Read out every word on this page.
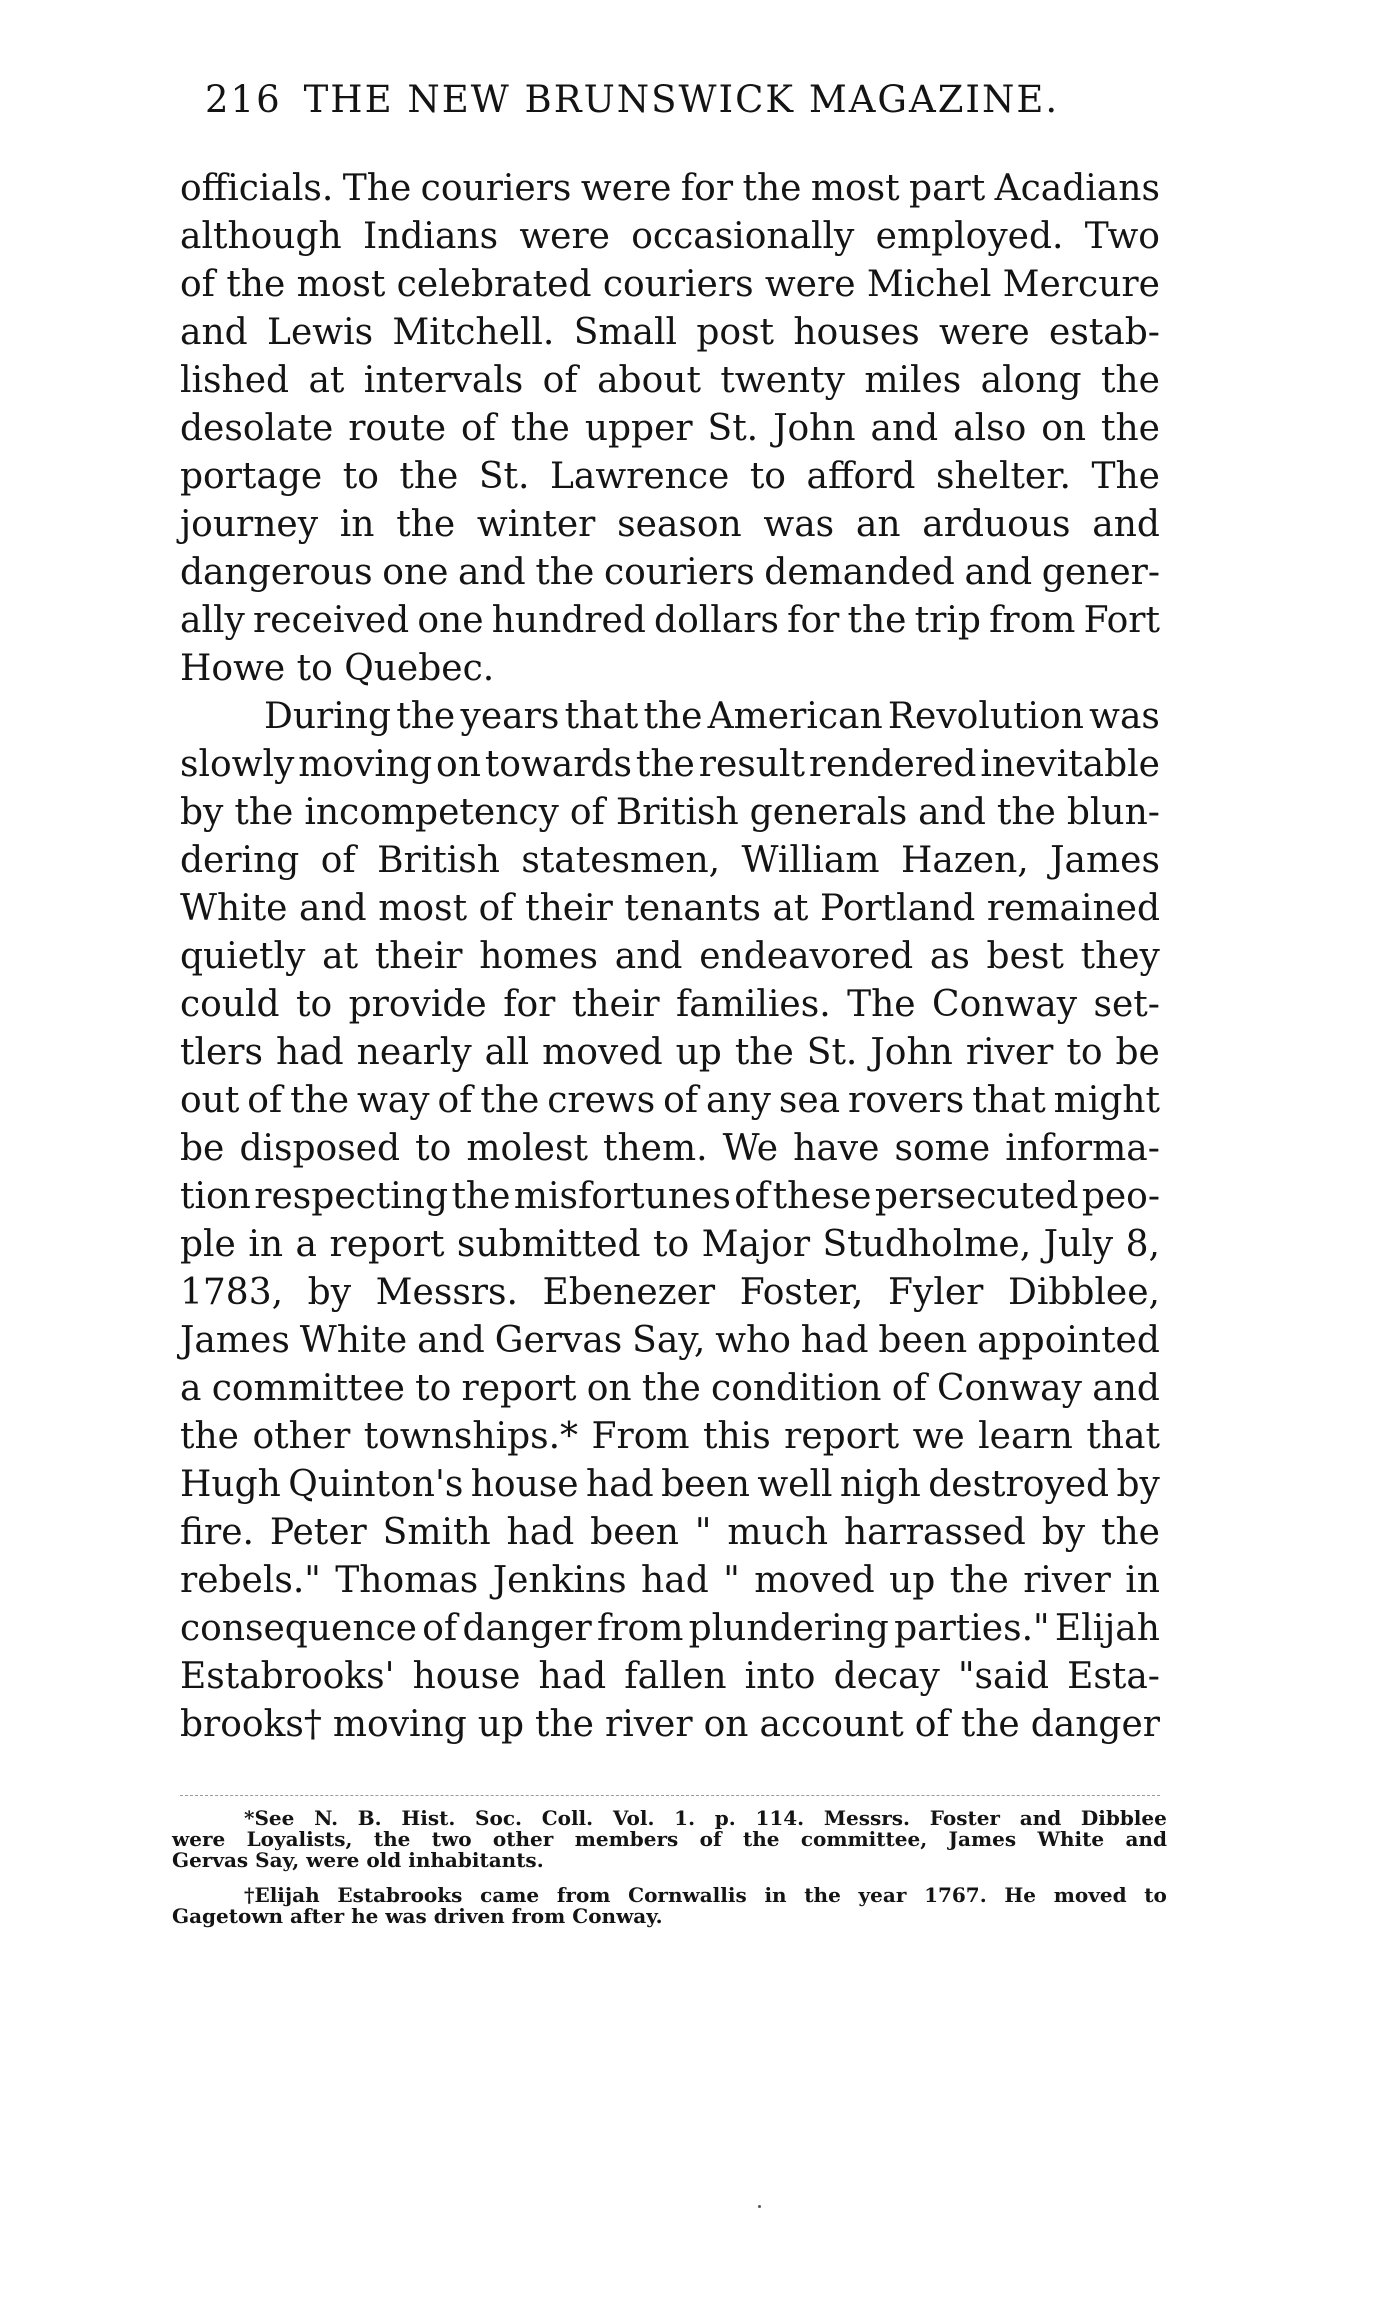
216 THE NEW BRUNSWICK MAGAZINE.
officials. The couriers were for the most part Acadians
although Indians were occasionally employed. Two
of the most celebrated couriers were Michel Mercure
and Lewis Mitchell. Small post houses were estab-
lished at intervals of about twenty miles along the
desolate route of the upper St. John and also on the
portage to the St. Lawrence to afford shelter. The
journey in the winter season was an arduous and
dangerous one and the couriers demanded and gener-
ally received one hundred dollars for the trip from Fort
Howe to Quebec.
During the years that the American Revolution was
slowly moving on towards the result rendered inevitable
by the incompetency of British generals and the blun-
dering of British statesmen, William Hazen, James
White and most of their tenants at Portland remained
quietly at their homes and endeavored as best they
could to provide for their families. The Conway set-
tlers had nearly all moved up the St. John river to be
out of the way of the crews of any sea rovers that might
be disposed to molest them. We have some informa-
tion respecting the misfortunes of these persecuted peo-
ple in a report submitted to Major Studholme, July 8,
1783, by Messrs. Ebenezer Foster, Fyler Dibblee,
James White and Gervas Say, who had been appointed
a committee to report on the condition of Conway and
the other townships.* From this report we learn that
Hugh Quinton's house had been well nigh destroyed by
fire. Peter Smith had been " much harrassed by the
rebels." Thomas Jenkins had " moved up the river in
consequence of danger from plundering parties." Elijah
Estabrooks' house had fallen into decay "said Esta-
brooks† moving up the river on account of the danger
*See N. B. Hist. Soc. Coll. Vol. 1. p. 114. Messrs. Foster and Dibblee
were Loyalists, the two other members of the committee, James White and
Gervas Say, were old inhabitants.
†Elijah Estabrooks came from Cornwallis in the year 1767. He moved to
Gagetown after he was driven from Conway.
